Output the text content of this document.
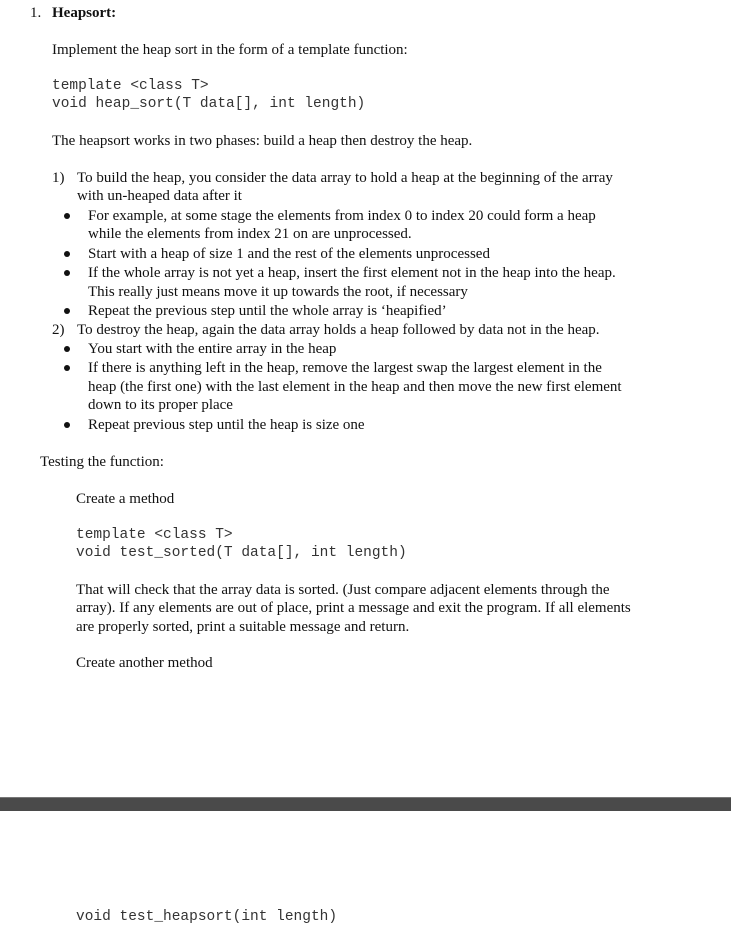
1. Heapsort:
Implement the heap sort in the form of a template function:
template <class T>
void heap_sort(T data[], int length)
The heapsort works in two phases: build a heap then destroy the heap.
1) To build the heap, you consider the data array to hold a heap at the beginning of the array
with un-heaped data after it
For example, at some stage the elements from index 0 to index 20 could form a heap
while the elements from index 21 on are unprocessed.
Start with a heap of size 1 and the rest of the elements unprocessed
If the whole array is not yet a heap, insert the first element not in the heap into the heap.
This really just means move it up towards the root, if necessary
Repeat the previous step until the whole array is ‘heapified’
2) To destroy the heap, again the data array holds a heap followed by data not in the heap.
You start with the entire array in the heap
If there is anything left in the heap, remove the largest swap the largest element in the
heap (the first one) with the last element in the heap and then move the new first element
down to its proper place
Repeat previous step until the heap is size one
Testing the function:
Create a method
template <class T>
void test_sorted(T data[], int length)
That will check that the array data is sorted. (Just compare adjacent elements through the
array). If any elements are out of place, print a message and exit the program. If all elements
are properly sorted, print a suitable message and return.
Create another method
void test_heapsort(int length)
